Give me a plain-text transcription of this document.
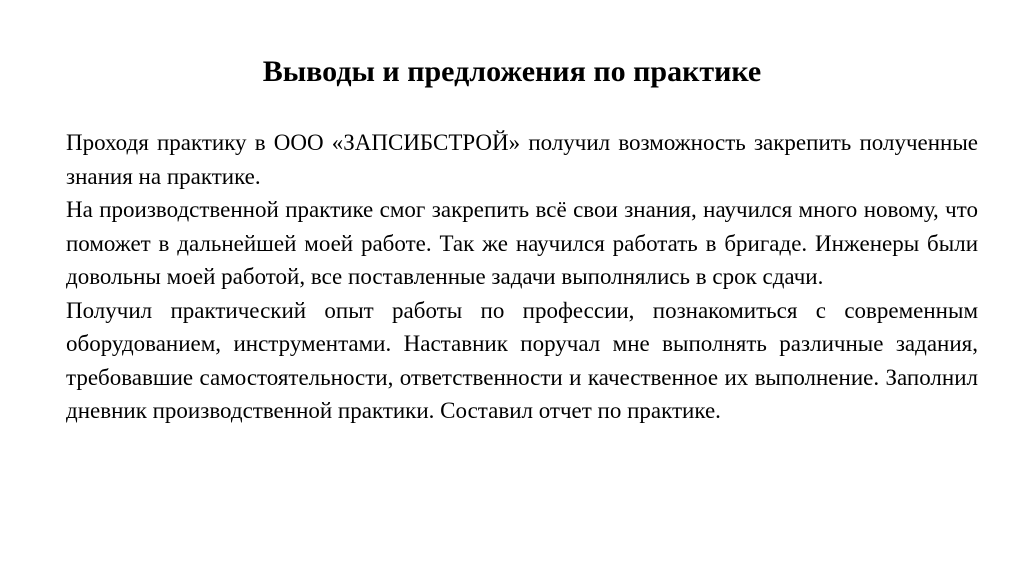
Выводы и предложения по практике

Проходя практику в ООО «ЗАПСИБСТРОЙ» получил возможность закрепить полученные знания на практике.

На производственной практике смог закрепить всё свои знания, научился много новому, что поможет в дальнейшей моей работе. Так же научился работать в бригаде. Инженеры были довольны моей работой, все поставленные задачи выполнялись в срок сдачи.

Получил практический опыт работы по профессии, познакомиться с современным оборудованием, инструментами. Наставник поручал мне выполнять различные задания, требовавшие самостоятельности, ответственности и качественное их выполнение. Заполнил дневник производственной практики. Составил отчет по практике.
